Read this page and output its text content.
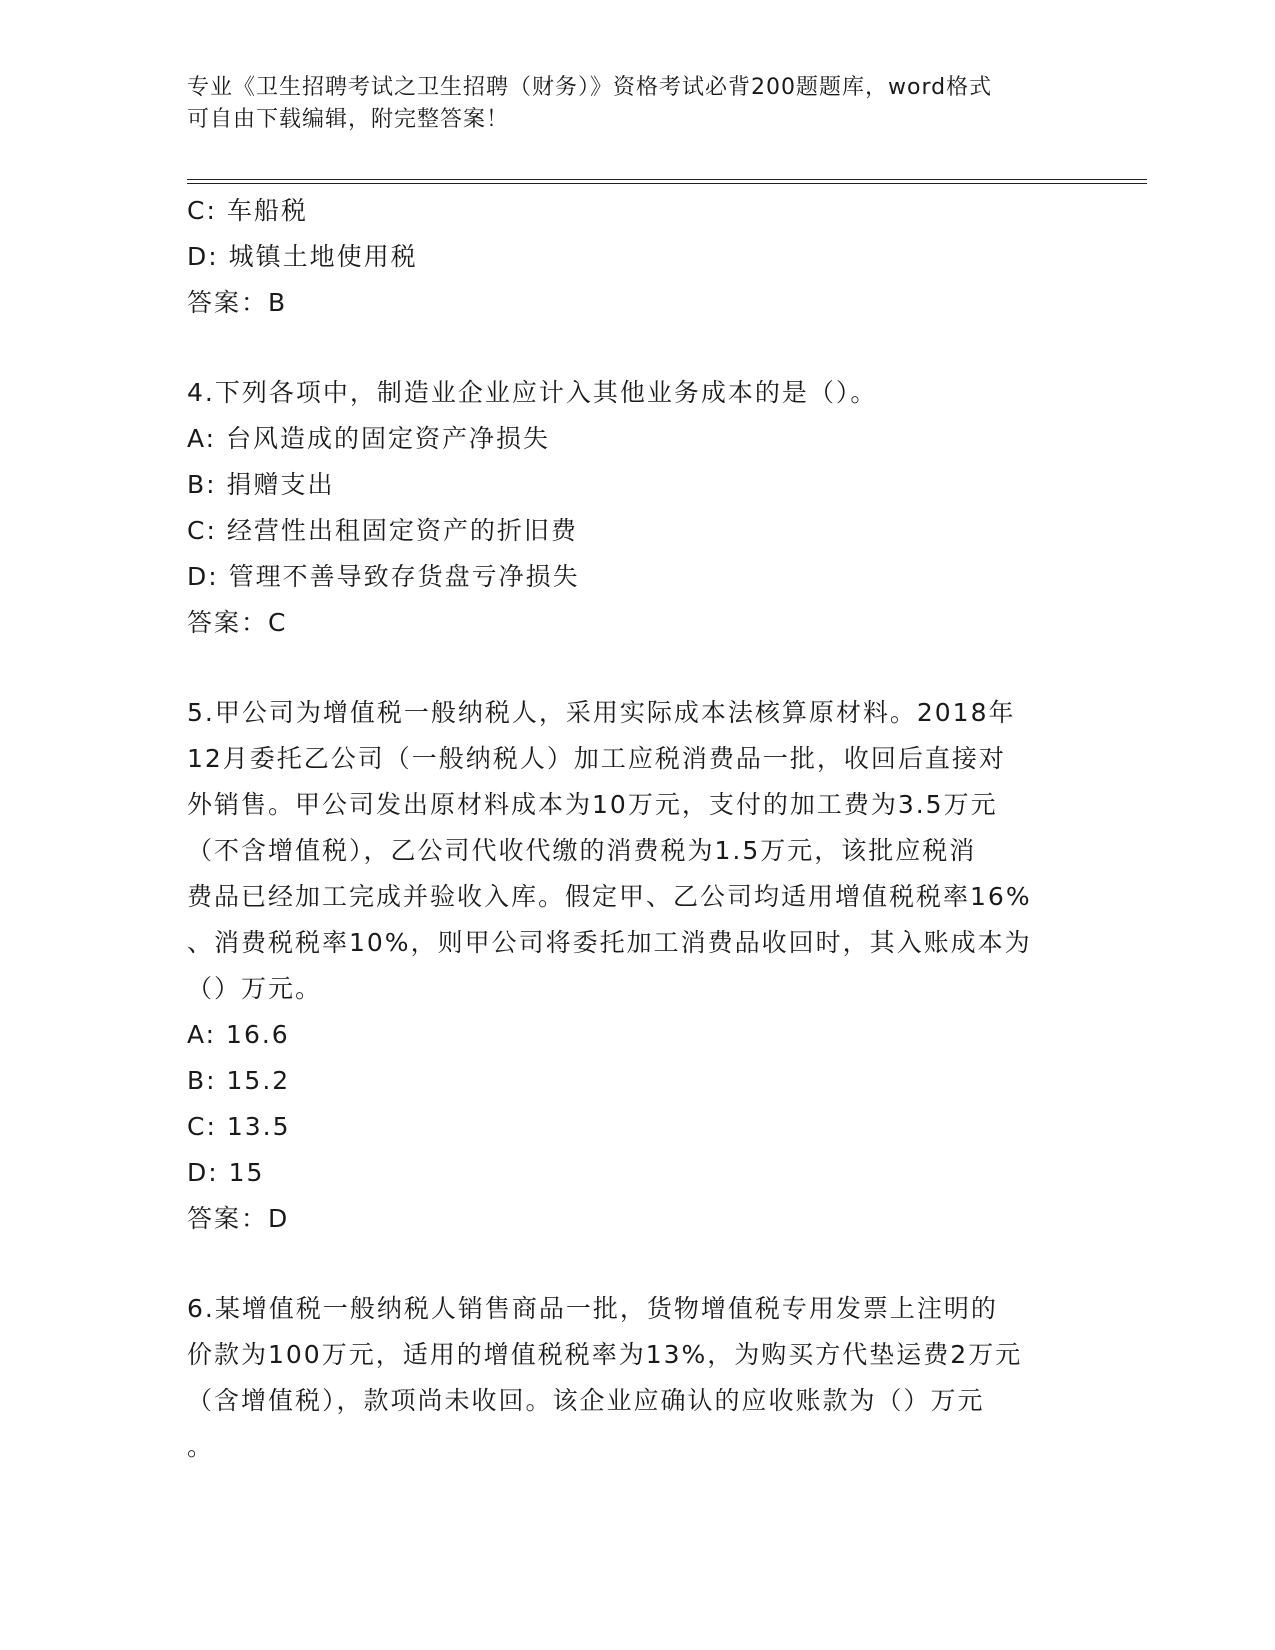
专业《卫生招聘考试之卫生招聘（财务）》资格考试必背200题题库，word格式
可自由下载编辑，附完整答案！

C: 车船税

D: 城镇土地使用税

答案：B

4.下列各项中，制造业企业应计入其他业务成本的是（）。

A: 台风造成的固定资产净损失

B: 捐赠支出

C: 经营性出租固定资产的折旧费

D: 管理不善导致存货盘亏净损失

答案：C

5.甲公司为增值税一般纳税人，采用实际成本法核算原材料。2018年

12月委托乙公司（一般纳税人）加工应税消费品一批，收回后直接对

外销售。甲公司发出原材料成本为10万元，支付的加工费为3.5万元

（不含增值税），乙公司代收代缴的消费税为1.5万元，该批应税消

费品已经加工完成并验收入库。假定甲、乙公司均适用增值税税率16%

、消费税税率10%，则甲公司将委托加工消费品收回时，其入账成本为

（）万元。

A: 16.6

B: 15.2

C: 13.5

D: 15

答案：D

6.某增值税一般纳税人销售商品一批，货物增值税专用发票上注明的

价款为100万元，适用的增值税税率为13%，为购买方代垫运费2万元

（含增值税），款项尚未收回。该企业应确认的应收账款为（）万元

。
